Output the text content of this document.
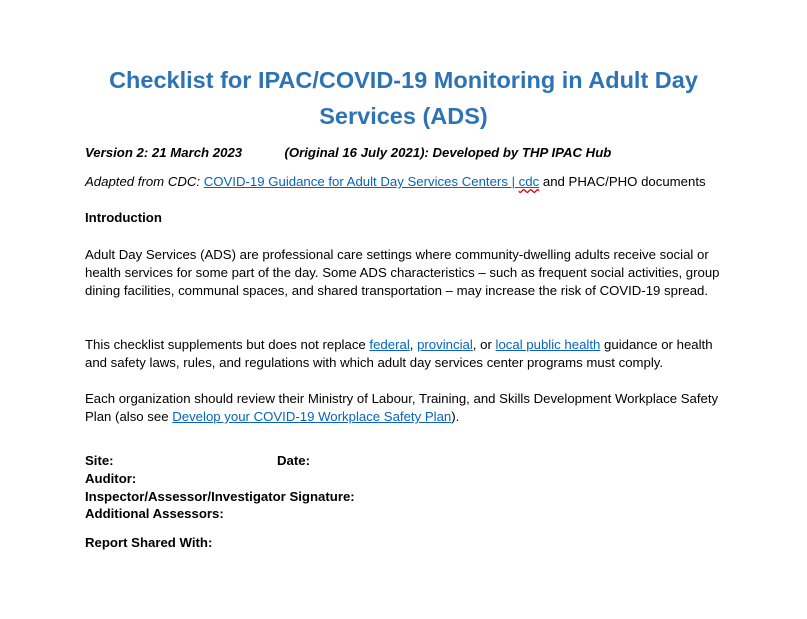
Checklist for IPAC/COVID-19 Monitoring in Adult Day Services (ADS)
Version 2: 21 March 2023	(Original 16 July 2021): Developed by THP IPAC Hub
Adapted from CDC: COVID-19 Guidance for Adult Day Services Centers | cdc and PHAC/PHO documents
Introduction
Adult Day Services (ADS) are professional care settings where community-dwelling adults receive social or health services for some part of the day. Some ADS characteristics – such as frequent social activities, group dining facilities, communal spaces, and shared transportation – may increase the risk of COVID-19 spread.
This checklist supplements but does not replace federal, provincial, or local public health guidance or health and safety laws, rules, and regulations with which adult day services center programs must comply.
Each organization should review their Ministry of Labour, Training, and Skills Development Workplace Safety Plan (also see Develop your COVID-19 Workplace Safety Plan).
Site:	Date:
Auditor:
Inspector/Assessor/Investigator Signature:
Additional Assessors:
Report Shared With:
